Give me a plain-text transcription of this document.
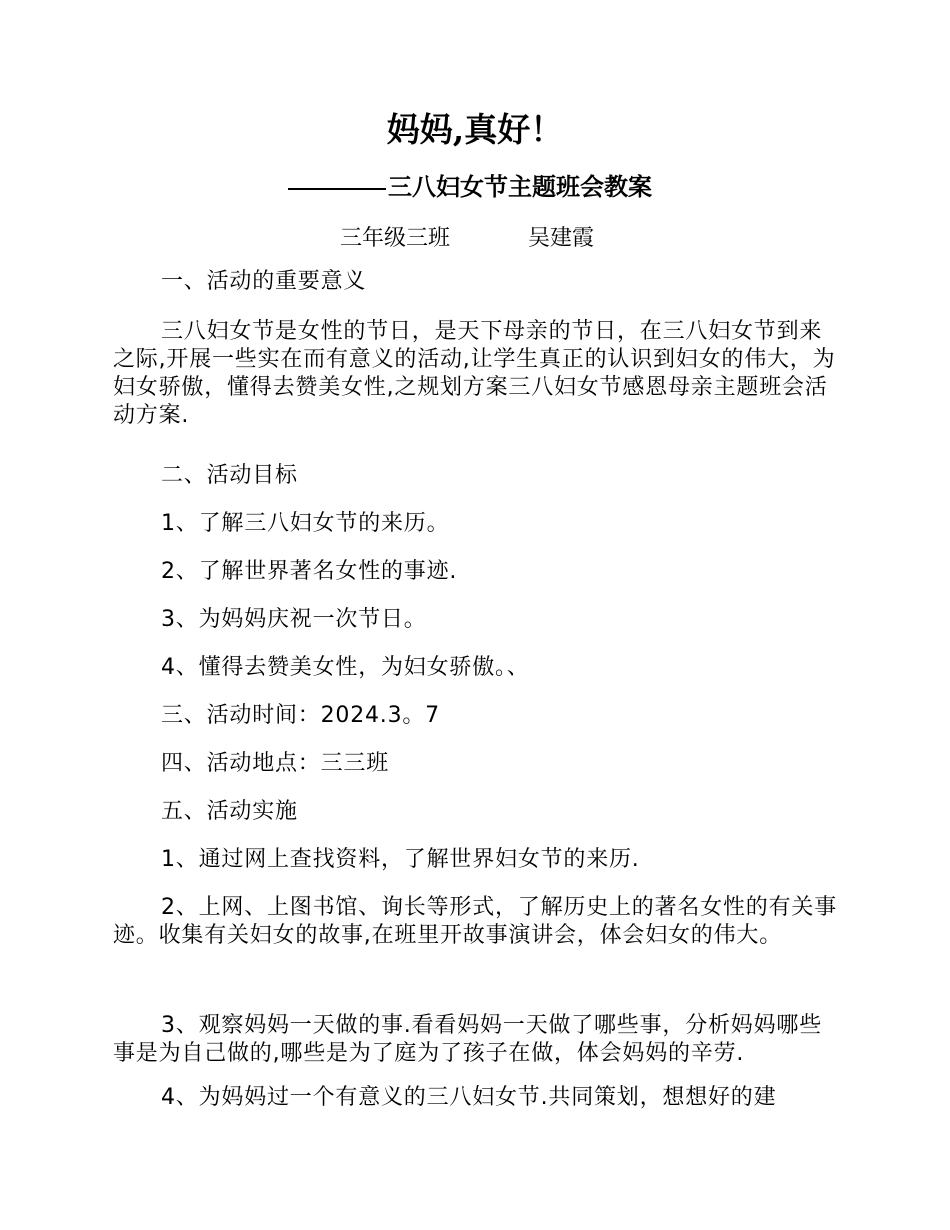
妈妈,真好！
三八妇女节主题班会教案
三年级三班	吴建霞

一、活动的重要意义

三八妇女节是女性的节日，是天下母亲的节日，在三八妇女节到来之际,开展一些实在而有意义的活动,让学生真正的认识到妇女的伟大，为妇女骄傲，懂得去赞美女性,之规划方案三八妇女节感恩母亲主题班会活动方案.

二、活动目标

1、了解三八妇女节的来历。

2、了解世界著名女性的事迹.

3、为妈妈庆祝一次节日。

4、懂得去赞美女性，为妇女骄傲。、

三、活动时间：2024.3。7

四、活动地点：三三班

五、活动实施

1、通过网上查找资料，了解世界妇女节的来历.

2、上网、上图书馆、询长等形式，了解历史上的著名女性的有关事迹。收集有关妇女的故事,在班里开故事演讲会，体会妇女的伟大。

3、观察妈妈一天做的事.看看妈妈一天做了哪些事，分析妈妈哪些事是为自己做的,哪些是为了庭为了孩子在做，体会妈妈的辛劳.

4、为妈妈过一个有意义的三八妇女节.共同策划，想想好的建
